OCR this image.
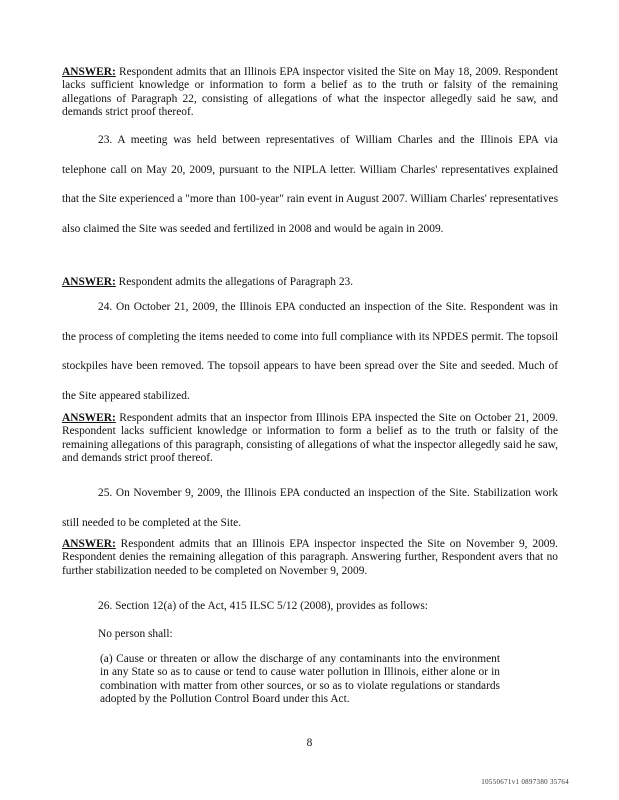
ANSWER: Respondent admits that an Illinois EPA inspector visited the Site on May 18, 2009. Respondent lacks sufficient knowledge or information to form a belief as to the truth or falsity of the remaining allegations of Paragraph 22, consisting of allegations of what the inspector allegedly said he saw, and demands strict proof thereof.
23. A meeting was held between representatives of William Charles and the Illinois EPA via telephone call on May 20, 2009, pursuant to the NIPLA letter. William Charles' representatives explained that the Site experienced a "more than 100-year" rain event in August 2007. William Charles' representatives also claimed the Site was seeded and fertilized in 2008 and would be again in 2009.
ANSWER: Respondent admits the allegations of Paragraph 23.
24. On October 21, 2009, the Illinois EPA conducted an inspection of the Site. Respondent was in the process of completing the items needed to come into full compliance with its NPDES permit. The topsoil stockpiles have been removed. The topsoil appears to have been spread over the Site and seeded. Much of the Site appeared stabilized.
ANSWER: Respondent admits that an inspector from Illinois EPA inspected the Site on October 21, 2009. Respondent lacks sufficient knowledge or information to form a belief as to the truth or falsity of the remaining allegations of this paragraph, consisting of allegations of what the inspector allegedly said he saw, and demands strict proof thereof.
25. On November 9, 2009, the Illinois EPA conducted an inspection of the Site. Stabilization work still needed to be completed at the Site.
ANSWER: Respondent admits that an Illinois EPA inspector inspected the Site on November 9, 2009. Respondent denies the remaining allegation of this paragraph. Answering further, Respondent avers that no further stabilization needed to be completed on November 9, 2009.
26. Section 12(a) of the Act, 415 ILSC 5/12 (2008), provides as follows:
No person shall:
(a) Cause or threaten or allow the discharge of any contaminants into the environment in any State so as to cause or tend to cause water pollution in Illinois, either alone or in combination with matter from other sources, or so as to violate regulations or standards adopted by the Pollution Control Board under this Act.
8
10550671v1 0897380 35764
